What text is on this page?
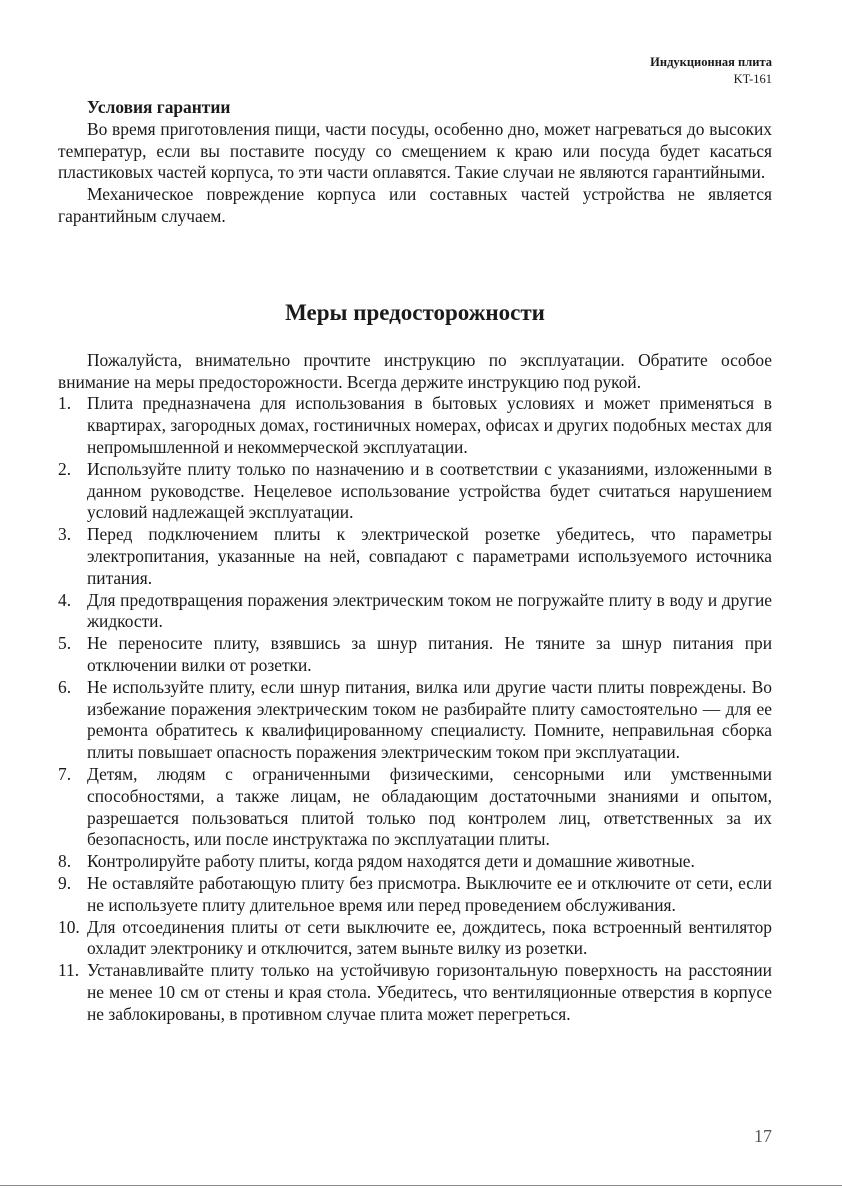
Индукционная плита
KT-161
Условия гарантии

Во время приготовления пищи, части посуды, особенно дно, может нагреваться до высоких температур, если вы поставите посуду со смещением к краю или посуда будет касаться пластиковых частей корпуса, то эти части оплавятся. Такие случаи не являются гарантийными.

Механическое повреждение корпуса или составных частей устройства не является гарантийным случаем.

Меры предосторожности

Пожалуйста, внимательно прочтите инструкцию по эксплуатации. Обратите особое внимание на меры предосторожности. Всегда держите инструкцию под рукой.

1. Плита предназначена для использования в бытовых условиях и может применяться в квартирах, загородных домах, гостиничных номерах, офисах и других подобных местах для непромышленной и некоммерческой эксплуатации.
2. Используйте плиту только по назначению и в соответствии с указаниями, изложенными в данном руководстве. Нецелевое использование устройства будет считаться нарушением условий надлежащей эксплуатации.
3. Перед подключением плиты к электрической розетке убедитесь, что параметры электропитания, указанные на ней, совпадают с параметрами используемого источника питания.
4. Для предотвращения поражения электрическим током не погружайте плиту в воду и другие жидкости.
5. Не переносите плиту, взявшись за шнур питания. Не тяните за шнур питания при отключении вилки от розетки.
6. Не используйте плиту, если шнур питания, вилка или другие части плиты повреждены. Во избежание поражения электрическим током не разбирайте плиту самостоятельно — для ее ремонта обратитесь к квалифицированному специалисту. Помните, неправильная сборка плиты повышает опасность поражения электрическим током при эксплуатации.
7. Детям, людям с ограниченными физическими, сенсорными или умственными способностями, а также лицам, не обладающим достаточными знаниями и опытом, разрешается пользоваться плитой только под контролем лиц, ответственных за их безопасность, или после инструктажа по эксплуатации плиты.
8. Контролируйте работу плиты, когда рядом находятся дети и домашние животные.
9. Не оставляйте работающую плиту без присмотра. Выключите ее и отключите от сети, если не используете плиту длительное время или перед проведением обслуживания.
10. Для отсоединения плиты от сети выключите ее, дождитесь, пока встроенный вентилятор охладит электронику и отключится, затем выньте вилку из розетки.
11. Устанавливайте плиту только на устойчивую горизонтальную поверхность на расстоянии не менее 10 см от стены и края стола. Убедитесь, что вентиляционные отверстия в корпусе не заблокированы, в противном случае плита может перегреться.
17
